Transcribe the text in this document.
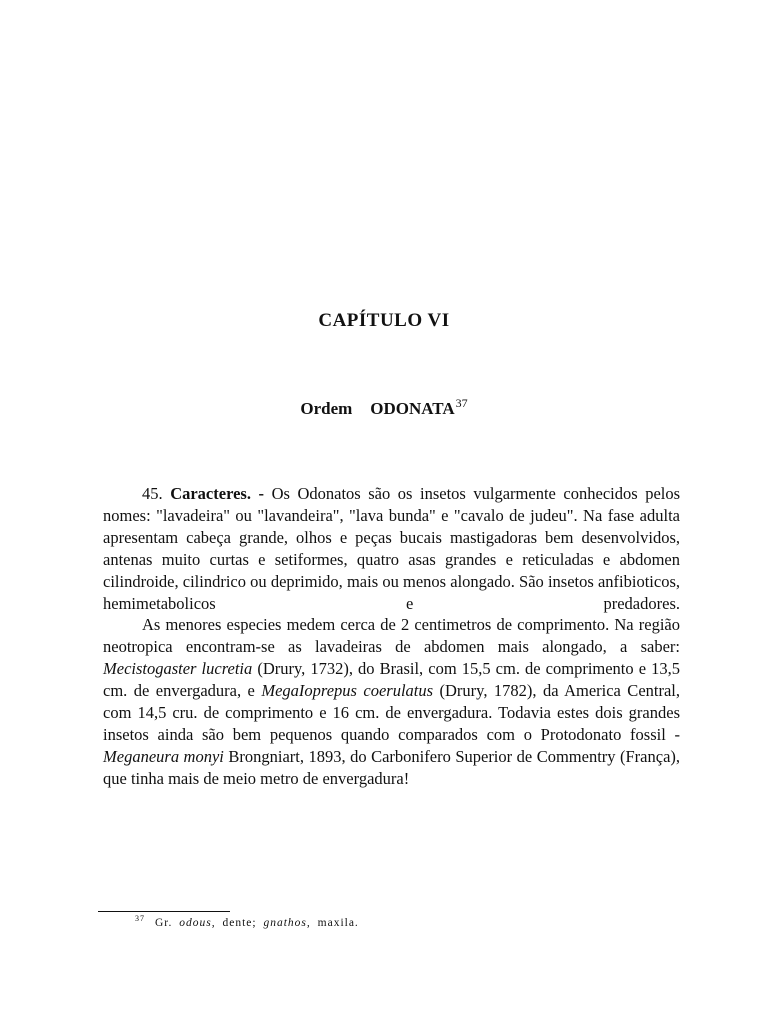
CAPÍTULO VI
Ordem ODONATA$^{37}$

45. Caracteres. - Os Odonatos são os insetos vulgarmente conhecidos pelos nomes: "lavadeira" ou "lavandeira", "lava bunda" e "cavalo de judeu". Na fase adulta apresentam cabeça grande, olhos e peças bucais mastigadoras bem desenvolvidos, antenas muito curtas e setiformes, quatro asas grandes e reticuladas e abdomen cilindroide, cilindrico ou deprimido, mais ou menos alongado. São insetos anfibioticos, hemimetabolicos e predadores.

As menores especies medem cerca de 2 centimetros de comprimento. Na região neotropica encontram-se as lavadeiras de abdomen mais alongado, a saber: Mecistogaster lucretia (Drury, 1732), do Brasil, com 15,5 cm. de comprimento e 13,5 cm. de envergadura, e MegaIoprepus coerulatus (Drury, 1782), da America Central, com 14,5 cru. de comprimento e 16 cm. de envergadura. Todavia estes dois grandes insetos ainda são bem pequenos quando comparados com o Protodonato fossil - Meganeura monyi Brongniart, 1893, do Carbonifero Superior de Commentry (França), que tinha mais de meio metro de envergadura!

$^{37}$ Gr. odous, dente; gnathos, maxila.
